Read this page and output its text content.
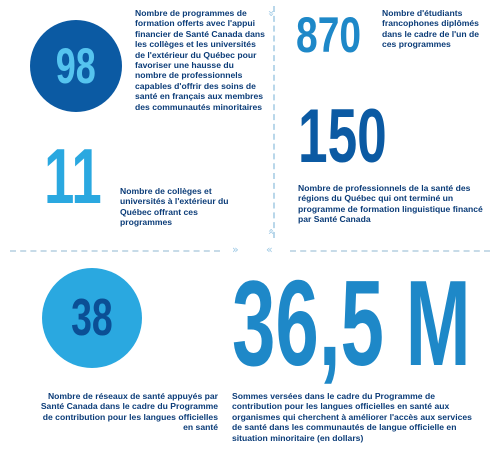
»
«
» «
98
Nombre de programmes de formation offerts avec l'appui financier de Santé Canada dans les collèges et les universités de l'extérieur du Québec pour favoriser une hausse du nombre de professionnels capables d'offrir des soins de santé en français aux membres des communautés minoritaires
870 Nombre d'étudiants francophones diplômés dans le cadre de l'un de ces programmes
11 Nombre de collèges et universités à l'extérieur du Québec offrant ces programmes
150
Nombre de professionnels de la santé des régions du Québec qui ont terminé un programme de formation linguistique financé par Santé Canada
38
Nombre de réseaux de santé appuyés par Santé Canada dans le cadre du Programme de contribution pour les langues officielles en santé
36,5 M
Sommes versées dans le cadre du Programme de contribution pour les langues officielles en santé aux organismes qui cherchent à améliorer l'accès aux services de santé dans les communautés de langue officielle en situation minoritaire (en dollars)
